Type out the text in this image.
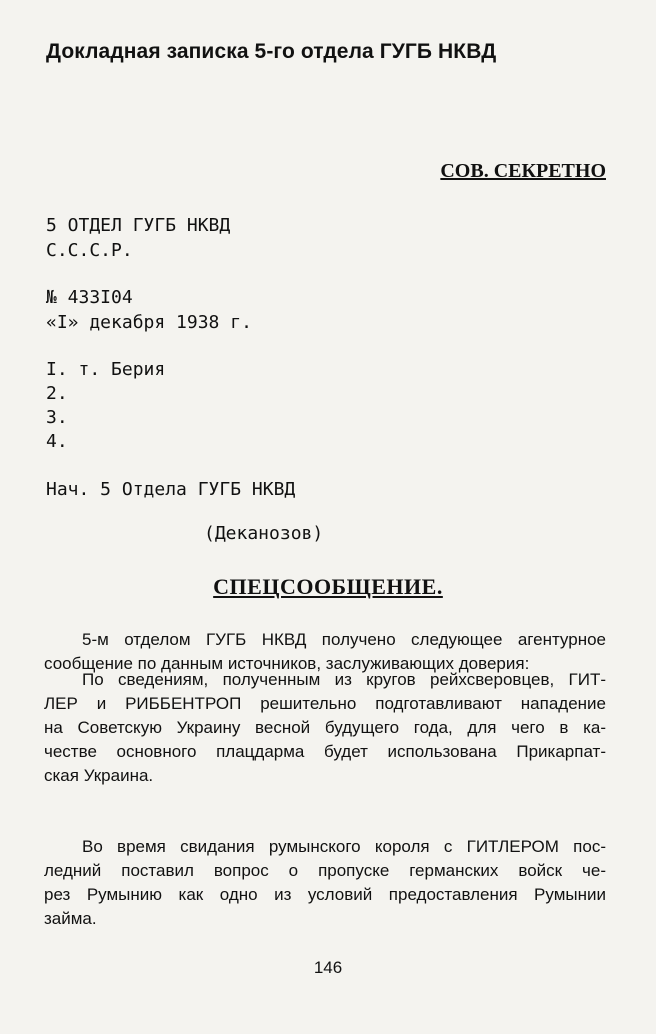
Докладная записка 5-го отдела ГУГБ НКВД
СОВ. СЕКРЕТНО
5 ОТДЕЛ ГУГБ НКВД
С.С.С.Р.
№ 433I04
«I» декабря 1938 г.
I. т. Берия
2.
3.
4.
Нач. 5 Отдела ГУГБ НКВД
(Деканозов)
СПЕЦСООБЩЕНИЕ.
5-м отделом ГУГБ НКВД получено следующее агентурное
сообщение по данным источников, заслуживающих доверия:
По сведениям, полученным из кругов рейхсверовцев, ГИТ-
ЛЕР и РИББЕНТРОП решительно подготавливают нападение
на Советскую Украину весной будущего года, для чего в ка-
честве основного плацдарма будет использована Прикарпат-
ская Украина.
Во время свидания румынского короля с ГИТЛЕРОМ пос-
ледний поставил вопрос о пропуске германских войск че-
рез Румынию как одно из условий предоставления Румынии
займа.
146
